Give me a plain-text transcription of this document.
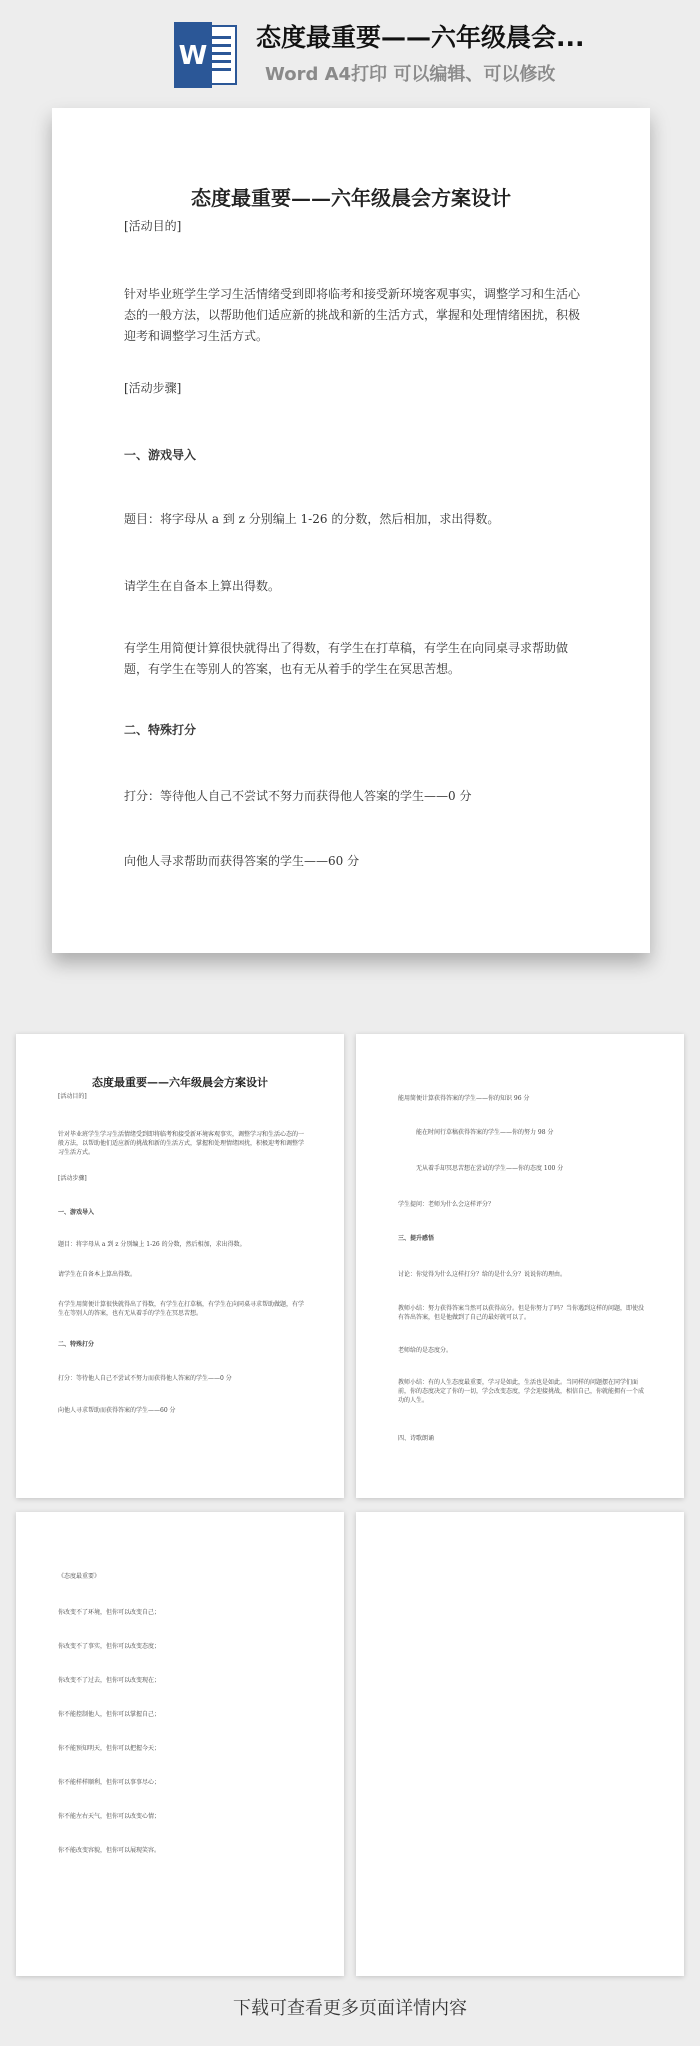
W
态度最重要——六年级晨会...
Word A4打印 可以编辑、可以修改
态度最重要——六年级晨会方案设计
[活动目的]
针对毕业班学生学习生活情绪受到即将临考和接受新环境客观事实，调整学习和生活心态的一般方法，以帮助他们适应新的挑战和新的生活方式，掌握和处理情绪困扰，积极迎考和调整学习生活方式。
[活动步骤]
一、游戏导入
题目：将字母从 a 到 z 分别编上 1-26 的分数，然后相加，求出得数。
请学生在自备本上算出得数。
有学生用简便计算很快就得出了得数，有学生在打草稿，有学生在向同桌寻求帮助做题，有学生在等别人的答案，也有无从着手的学生在冥思苦想。
二、特殊打分
打分：等待他人自己不尝试不努力而获得他人答案的学生——0 分
向他人寻求帮助而获得答案的学生——60 分
态度最重要——六年级晨会方案设计
[活动目的]
针对毕业班学生学习生活情绪受到即将临考和接受新环境客观事实，调整学习和生活心态的一般方法，以帮助他们适应新的挑战和新的生活方式，掌握和处理情绪困扰，积极迎考和调整学习生活方式。
[活动步骤]
一、游戏导入
题目：将字母从 a 到 z 分别编上 1-26 的分数，然后相加，求出得数。
请学生在自备本上算出得数。
有学生用简便计算很快就得出了得数，有学生在打草稿，有学生在向同桌寻求帮助做题，有学生在等别人的答案，也有无从着手的学生在冥思苦想。
二、特殊打分
打分：等待他人自己不尝试不努力而获得他人答案的学生——0 分
向他人寻求帮助而获得答案的学生——60 分
能用简便计算获得答案的学生——你的知识 96 分
能在时间行草稿获得答案的学生——你的努力 98 分
无从着手却冥思苦想在尝试的学生——你的态度 100 分
学生提问：老师为什么会这样评分？
三、提升感悟
讨论：你觉得为什么这样打分？给的是什么分？说说你的理由。
教师小结：努力获得答案当然可以获得高分。但是你努力了吗？当你遇到这样的问题，即使没有答出答案，但是他做到了自己的最好就可以了。
老师给的是态度分。
教师小结：有的人生态度最重要，学习是如此，生活也是如此。当同样的问题摆在同学们面前，你的态度决定了你的一切，学会改变态度，学会迎接挑战，相信自己，你就能拥有一个成功的人生。
四、诗歌朗诵
《态度最重要》
你改变不了环境，但你可以改变自己；
你改变不了事实，但你可以改变态度；
你改变不了过去，但你可以改变现在；
你不能控制他人，但你可以掌握自己；
你不能预知明天，但你可以把握今天；
你不能样样顺利，但你可以事事尽心；
你不能左右天气，但你可以改变心情；
你不能改变容貌，但你可以展现笑容。
下载可查看更多页面详情内容
